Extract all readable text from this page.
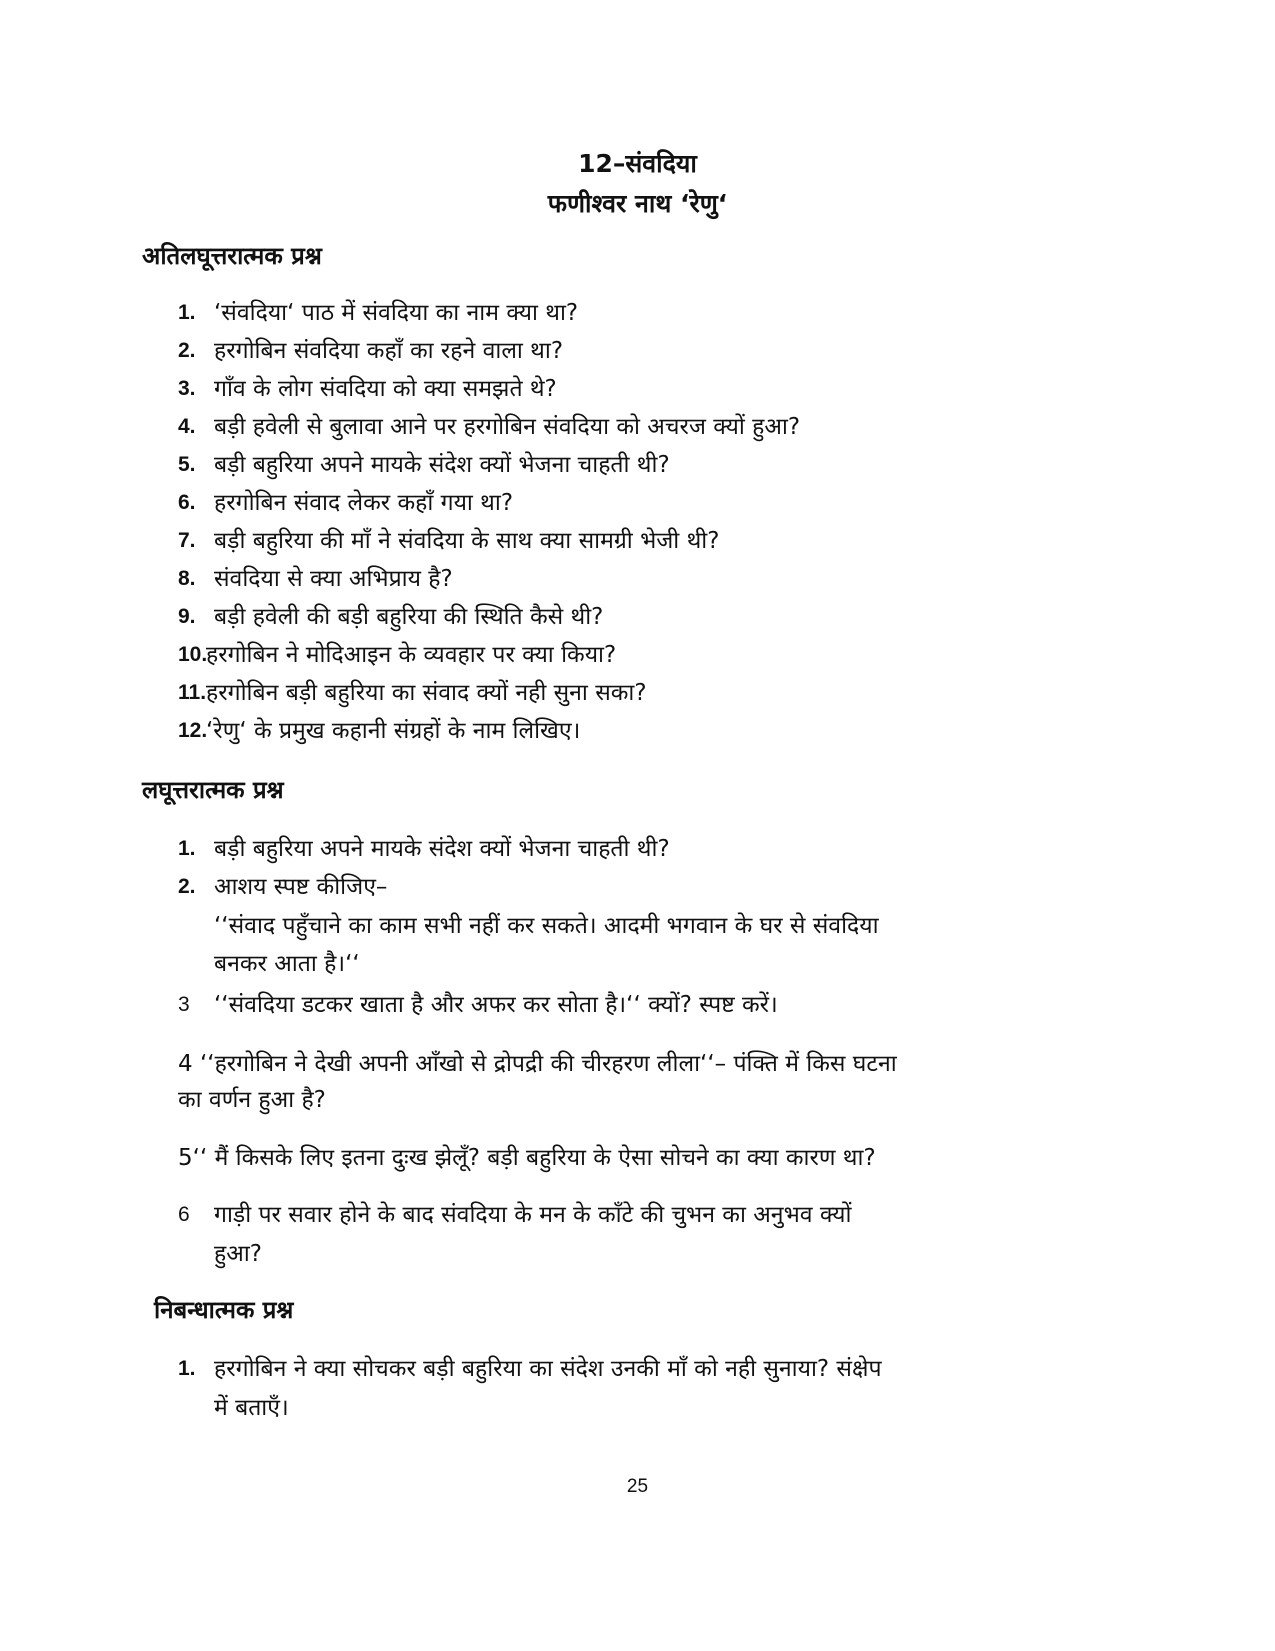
12–संवदिया
फणीश्वर नाथ ‘रेणु‘
अतिलघूत्तरात्मक प्रश्न
1. ‘संवदिया‘ पाठ में संवदिया का नाम क्या था?
2. हरगोबिन संवदिया कहाँ का रहने वाला था?
3. गाँव के लोग संवदिया को क्या समझते थे?
4. बड़ी हवेली से बुलावा आने पर हरगोबिन संवदिया को अचरज क्यों हुआ?
5. बड़ी बहुरिया अपने मायके संदेश क्यों भेजना चाहती थी?
6. हरगोबिन संवाद लेकर कहाँ गया था?
7. बड़ी बहुरिया की माँ ने संवदिया के साथ क्या सामग्री भेजी थी?
8. संवदिया से क्या अभिप्राय है?
9. बड़ी हवेली की बड़ी बहुरिया की स्थिति कैसे थी?
10.
हरगोबिन ने मोदिआइन के व्यवहार पर क्या किया?
11. हरगोबिन बड़ी बहुरिया का संवाद क्यों नही सुना सका?
12.
‘रेणु‘ के प्रमुख कहानी संग्रहों के नाम लिखिए।
लघूत्तरात्मक प्रश्न
1. बड़ी बहुरिया अपने मायके संदेश क्यों भेजना चाहती थी?
2. आशय स्पष्ट कीजिए–
‘‘संवाद पहुँचाने का काम सभी नहीं कर सकते। आदमी भगवान के घर से संवदिया
बनकर आता है।‘‘
3 ‘‘संवदिया डटकर खाता है और अफर कर सोता है।‘‘ क्यों? स्पष्ट करें।
4 ‘‘हरगोबिन ने देखी अपनी आँखो से द्रोपद्री की चीरहरण लीला‘‘– पंक्ति में किस घटना
का वर्णन हुआ है?
5‘‘ मैं किसके लिए इतना दुःख झेलूँ? बड़ी बहुरिया के ऐसा सोचने का क्या कारण था?
6 गाड़ी पर सवार होने के बाद संवदिया के मन के काँटे की चुभन का अनुभव क्यों
हुआ?
निबन्धात्मक प्रश्न
1. हरगोबिन ने क्या सोचकर बड़ी बहुरिया का संदेश उनकी माँ को नही सुनाया? संक्षेप
में बताएँ।
25
